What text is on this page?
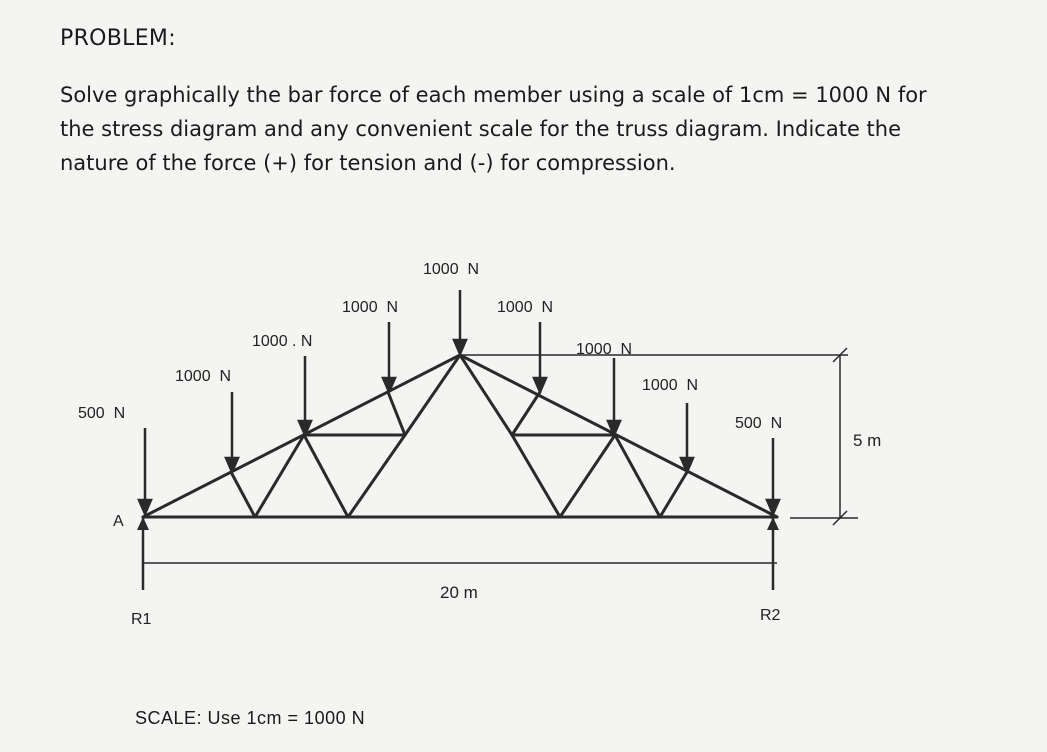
PROBLEM:
Solve graphically the bar force of each member using a scale of 1cm = 1000 N for
the stress diagram and any convenient scale for the truss diagram. Indicate the
nature of the force (+) for tension and (-) for compression.
500  N
1000  N
1000 . N
1000  N
1000  N
1000  N
1000  N
1000  N
500  N
A
R1	R2
20 m
5 m
SCALE: Use 1cm = 1000 N
